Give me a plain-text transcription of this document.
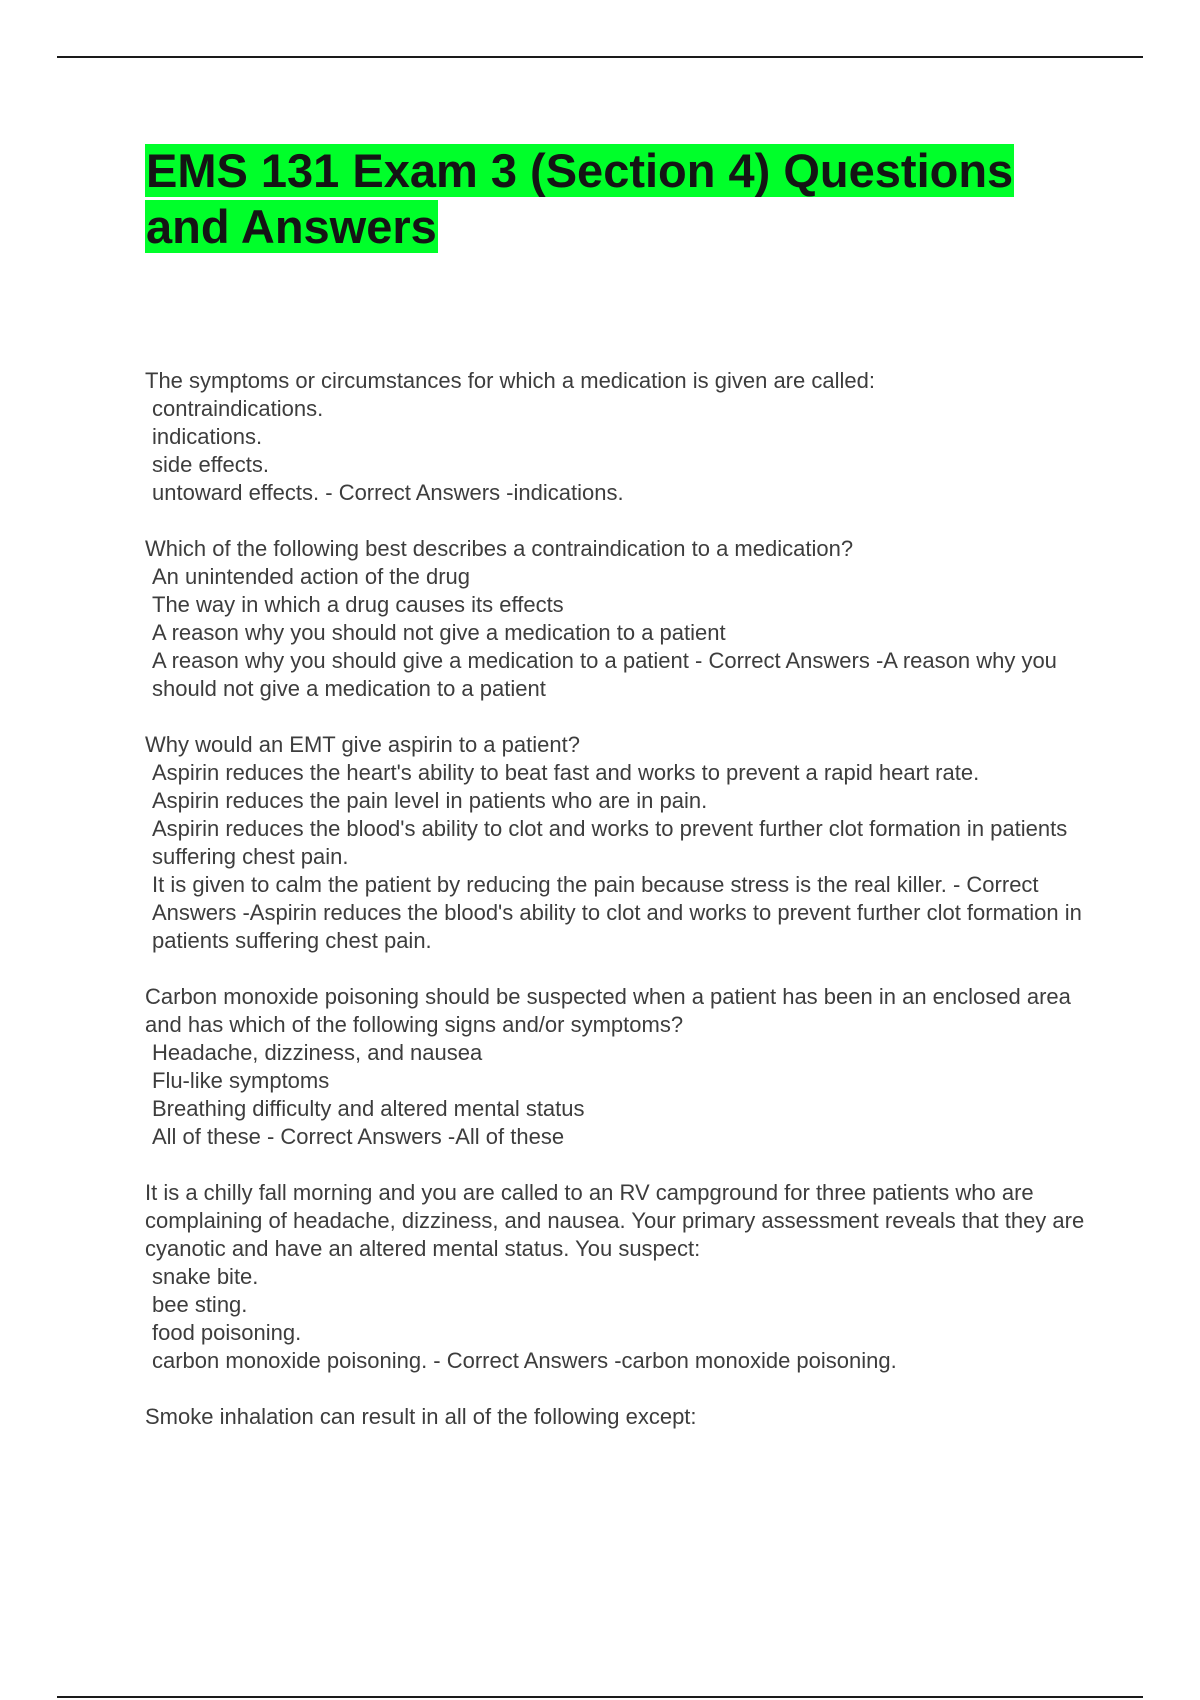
EMS 131 Exam 3 (Section 4) Questions and Answers

The symptoms or circumstances for which a medication is given are called:

contraindications.

indications.

side effects.

untoward effects. - Correct Answers -indications.

Which of the following best describes a contraindication to a medication?

An unintended action of the drug

The way in which a drug causes its effects

A reason why you should not give a medication to a patient

A reason why you should give a medication to a patient - Correct Answers -A reason why you should not give a medication to a patient

Why would an EMT give aspirin to a patient?

Aspirin reduces the heart's ability to beat fast and works to prevent a rapid heart rate.

Aspirin reduces the pain level in patients who are in pain.

Aspirin reduces the blood's ability to clot and works to prevent further clot formation in patients suffering chest pain.

It is given to calm the patient by reducing the pain because stress is the real killer. - Correct Answers -Aspirin reduces the blood's ability to clot and works to prevent further clot formation in patients suffering chest pain.

Carbon monoxide poisoning should be suspected when a patient has been in an enclosed area and has which of the following signs and/or symptoms?

Headache, dizziness, and nausea

Flu-like symptoms

Breathing difficulty and altered mental status

All of these - Correct Answers -All of these

It is a chilly fall morning and you are called to an RV campground for three patients who are complaining of headache, dizziness, and nausea. Your primary assessment reveals that they are cyanotic and have an altered mental status. You suspect:

snake bite.

bee sting.

food poisoning.

carbon monoxide poisoning. - Correct Answers -carbon monoxide poisoning.

Smoke inhalation can result in all of the following except:
